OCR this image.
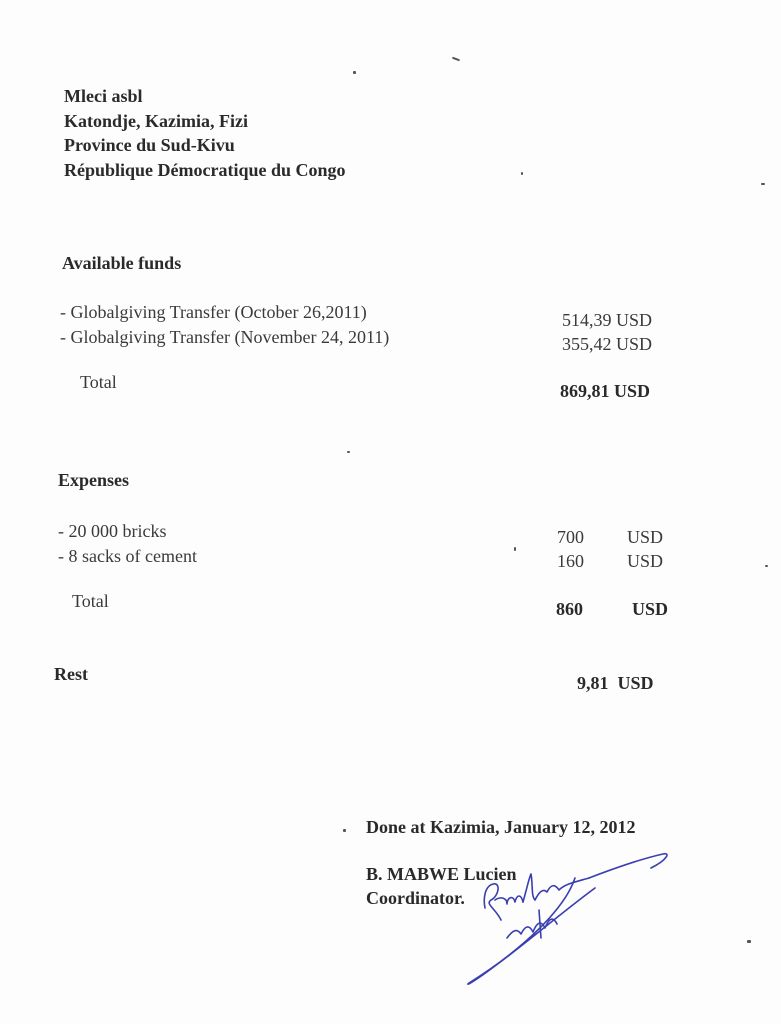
Mleci asbl
Katondje, Kazimia, Fizi
Province du Sud-Kivu
République Démocratique du Congo
Available funds
- Globalgiving Transfer (October 26,2011)	514,39 USD
- Globalgiving Transfer (November 24, 2011)	355,42 USD
Total	869,81 USD
Expenses
- 20 000 bricks	700 USD
- 8 sacks of cement	160 USD
Total	860	USD
Rest	9,81  USD
Done at Kazimia, January 12, 2012
B. MABWE Lucien
Coordinator.
